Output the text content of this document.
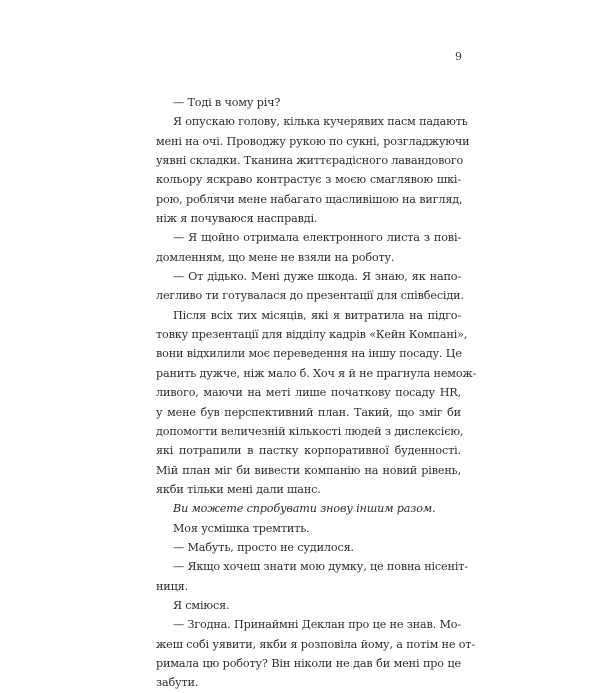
9
— Тоді в чому річ?
Я опускаю голову, кілька кучерявих пасм падають
мені на очі. Проводжу рукою по сукні, розгладжуючи
уявні складки. Тканина життєрадісного лавандового
кольору яскраво контрастує з моєю смаглявою шкі-
рою, роблячи мене набагато щасливішою на вигляд,
ніж я почуваюся насправді.
— Я щойно отримала електронного листа з пові-
домленням, що мене не взяли на роботу.
— От дідько. Мені дуже шкода. Я знаю, як напо-
легливо ти готувалася до презентації для співбесіди.
Після всіх тих місяців, які я витратила на підго-
товку презентації для відділу кадрів «Кейн Компані»,
вони відхилили моє переведення на іншу посаду. Це
ранить дужче, ніж мало б. Хоч я й не прагнула немож-
ливого, маючи на меті лише початкову посаду HR,
у мене був перспективний план. Такий, що зміг би
допомогти величезній кількості людей з дислексією,
які потрапили в пастку корпоративної буденності.
Мій план міг би вивести компанію на новий рівень,
якби тільки мені дали шанс.
Ви можете спробувати знову іншим разом.
Моя усмішка тремтить.
— Мабуть, просто не судилося.
— Якщо хочеш знати мою думку, це повна нісеніт-
ниця.
Я сміюся.
— Згодна. Принаймні Деклан про це не знав. Мо-
жеш собі уявити, якби я розповіла йому, а потім не от-
римала цю роботу? Він ніколи не дав би мені про це
забути.
